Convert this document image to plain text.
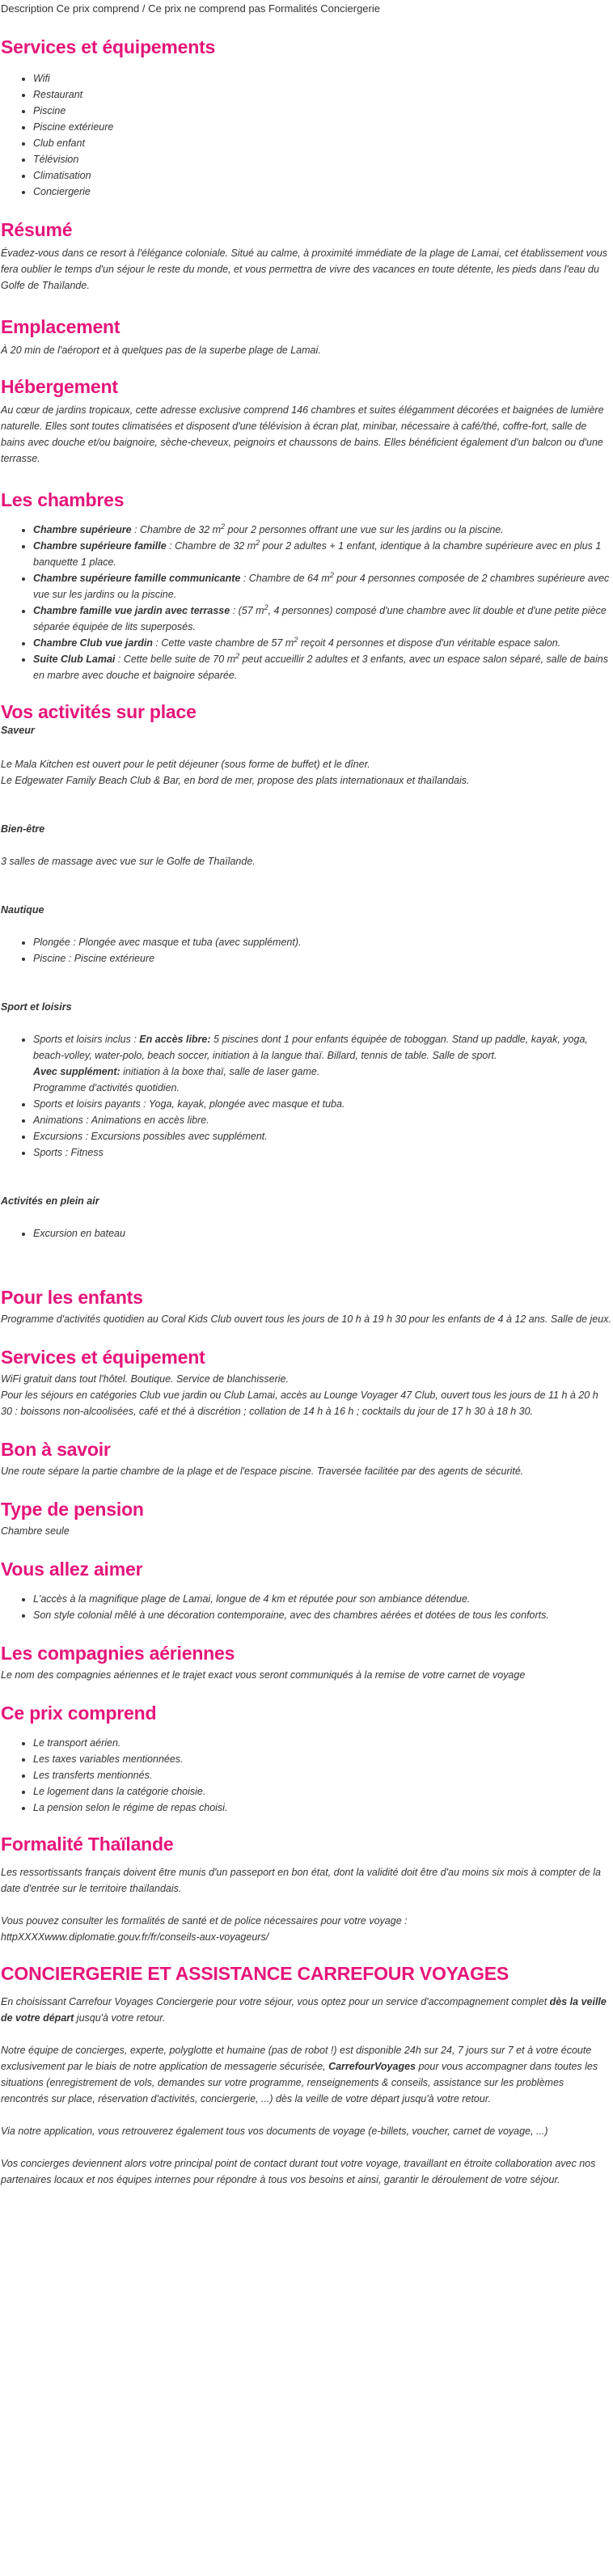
Description Ce prix comprend / Ce prix ne comprend pas Formalités Conciergerie
Services et équipements
• Wifi
• Restaurant
• Piscine
• Piscine extérieure
• Club enfant
• Télévision
• Climatisation
• Conciergerie
Résumé

Évadez-vous dans ce resort à l'élégance coloniale. Situé au calme, à proximité immédiate de la plage de Lamai, cet établissement vous fera oublier le temps d'un séjour le reste du monde, et vous permettra de vivre des vacances en toute détente, les pieds dans l'eau du Golfe de Thaïlande.

Emplacement

À 20 min de l'aéroport et à quelques pas de la superbe plage de Lamai.

Hébergement

Au cœur de jardins tropicaux, cette adresse exclusive comprend 146 chambres et suites élégamment décorées et baignées de lumière naturelle. Elles sont toutes climatisées et disposent d'une télévision à écran plat, minibar, nécessaire à café/thé, coffre-fort, salle de bains avec douche et/ou baignoire, sèche-cheveux, peignoirs et chaussons de bains. Elles bénéficient également d'un balcon ou d'une terrasse.

Les chambres
• Chambre supérieure : Chambre de 32 $m^2$ pour 2 personnes offrant une vue sur les jardins ou la piscine.
• Chambre supérieure famille : Chambre de 32 $m^2$ pour 2 adultes + 1 enfant, identique à la chambre supérieure avec en plus 1 banquette 1 place.
• Chambre supérieure famille communicante : Chambre de 64 $m^2$ pour 4 personnes composée de 2 chambres supérieure avec vue sur les jardins ou la piscine.
• Chambre famille vue jardin avec terrasse : (57 $m^2$, 4 personnes) composé d'une chambre avec lit double et d'une petite pièce séparée équipée de lits superposés.
• Chambre Club vue jardin : Cette vaste chambre de 57 $m^2$ reçoit 4 personnes et dispose d'un véritable espace salon.
• Suite Club Lamai : Cette belle suite de 70 $m^2$ peut accueillir 2 adultes et 3 enfants, avec un espace salon séparé, salle de bains en marbre avec douche et baignoire séparée.
Vos activités sur place
Saveur

Le Mala Kitchen est ouvert pour le petit déjeuner (sous forme de buffet) et le dîner.

Le Edgewater Family Beach Club & Bar, en bord de mer, propose des plats internationaux et thaïlandais.

Bien-être

3 salles de massage avec vue sur le Golfe de Thaïlande.

Nautique
• Plongée : Plongée avec masque et tuba (avec supplément).
• Piscine : Piscine extérieure
Sport et loisirs
• Sports et loisirs inclus : En accès libre: 5 piscines dont 1 pour enfants équipée de toboggan. Stand up paddle, kayak, yoga, beach-volley, water-polo, beach soccer, initiation à la langue thaï. Billard, tennis de table. Salle de sport.
Avec supplément: initiation à la boxe thaï, salle de laser game.
Programme d'activités quotidien.
• Sports et loisirs payants : Yoga, kayak, plongée avec masque et tuba.
• Animations : Animations en accès libre.
• Excursions : Excursions possibles avec supplément.
• Sports : Fitness
Activités en plein air
• Excursion en bateau
Pour les enfants

Programme d'activités quotidien au Coral Kids Club ouvert tous les jours de 10 h à 19 h 30 pour les enfants de 4 à 12 ans. Salle de jeux.

Services et équipement

WiFi gratuit dans tout l'hôtel. Boutique. Service de blanchisserie.

Pour les séjours en catégories Club vue jardin ou Club Lamai, accès au Lounge Voyager 47 Club, ouvert tous les jours de 11 h à 20 h 30 : boissons non-alcoolisées, café et thé à discrétion ; collation de 14 h à 16 h ; cocktails du jour de 17 h 30 à 18 h 30.

Bon à savoir

Une route sépare la partie chambre de la plage et de l'espace piscine. Traversée facilitée par des agents de sécurité.

Type de pension

Chambre seule

Vous allez aimer
• L'accès à la magnifique plage de Lamai, longue de 4 km et réputée pour son ambiance détendue.
• Son style colonial mêlé à une décoration contemporaine, avec des chambres aérées et dotées de tous les conforts.
Les compagnies aériennes

Le nom des compagnies aériennes et le trajet exact vous seront communiqués à la remise de votre carnet de voyage

Ce prix comprend
• Le transport aérien.
• Les taxes variables mentionnées.
• Les transferts mentionnés.
• Le logement dans la catégorie choisie.
• La pension selon le régime de repas choisi.
Formalité Thaïlande

Les ressortissants français doivent être munis d'un passeport en bon état, dont la validité doit être d'au moins six mois à compter de la date d'entrée sur le territoire thaïlandais.

Vous pouvez consulter les formalités de santé et de police nécessaires pour votre voyage :

httpXXXXwww.diplomatie.gouv.fr/fr/conseils-aux-voyageurs/

CONCIERGERIE ET ASSISTANCE CARREFOUR VOYAGES

En choisissant Carrefour Voyages Conciergerie pour votre séjour, vous optez pour un service d'accompagnement complet dès la veille de votre départ jusqu'à votre retour.

Notre équipe de concierges, experte, polyglotte et humaine (pas de robot !) est disponible 24h sur 24, 7 jours sur 7 et à votre écoute exclusivement par le biais de notre application de messagerie sécurisée, CarrefourVoyages pour vous accompagner dans toutes les situations (enregistrement de vols, demandes sur votre programme, renseignements & conseils, assistance sur les problèmes rencontrés sur place, réservation d'activités, conciergerie, ...) dès la veille de votre départ jusqu'à votre retour.

Via notre application, vous retrouverez également tous vos documents de voyage (e-billets, voucher, carnet de voyage, ...)

Vos concierges deviennent alors votre principal point de contact durant tout votre voyage, travaillant en étroite collaboration avec nos partenaires locaux et nos équipes internes pour répondre à tous vos besoins et ainsi, garantir le déroulement de votre séjour.
